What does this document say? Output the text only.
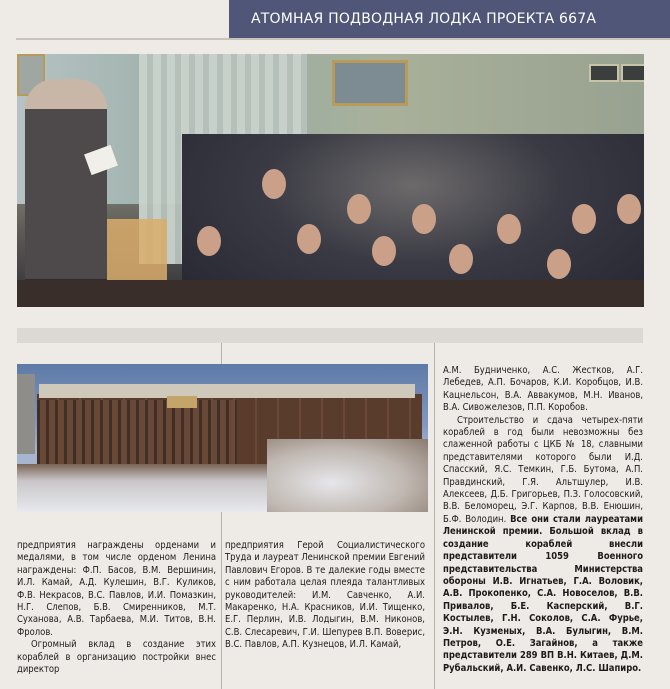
АТОМНАЯ ПОДВОДНАЯ ЛОДКА ПРОЕКТА 667А

предприятия награждены орденами и медалями, в том числе орденом Ленина награждены: Ф.П. Басов, В.М. Вершинин, И.Л. Камай, А.Д. Кулешин, В.Г. Куликов, Ф.В. Некрасов, В.С. Павлов, И.И. Помазкин, Н.Г. Слепов, Б.В. Смиренников, М.Т. Суханова, А.В. Тарбаева, М.И. Титов, В.Н. Фролов.

Огромный вклад в создание этих кораблей в организацию постройки внес директор

предприятия Герой Социалистического Труда и лауреат Ленинской премии Евгений Павлович Егоров. В те далекие годы вместе с ним работала целая плеяда талантливых руководителей: И.М. Савченко, А.И. Макаренко, Н.А. Красников, И.И. Тищенко, Е.Г. Перлин, И.В. Лодыгин, В.М. Никонов, С.В. Слесаревич, Г.И. Шепурев В.П. Воверис, В.С. Павлов, А.П. Кузнецов, И.Л. Камай,

А.М. Будниченко, А.С. Жестков, А.Г. Лебедев, А.П. Бочаров, К.И. Коробцов, И.В. Кацнельсон, В.А. Аввакумов, М.Н. Иванов, В.А. Сивожелезов, П.П. Коробов.

Строительство и сдача четырех-пяти кораблей в год были невозможны без слаженной работы с ЦКБ № 18, славными представителями которого были И.Д. Спасский, Я.С. Темкин, Г.Б. Бутома, А.П. Правдинский, Г.Я. Альтшулер, И.В. Алексеев, Д.Б. Григорьев, П.З. Голосовский, В.В. Беломорец, Э.Г. Карпов, В.В. Енюшин, Б.Ф. Володин. Все они стали лауреатами Ленинской премии. Большой вклад в создание кораблей внесли представители 1059 Военного представительства Министерства обороны И.В. Игнатьев, Г.А. Воловик, А.В. Прокопенко, С.А. Новоселов, В.В. Привалов, Б.Е. Касперский, В.Г. Костылев, Г.Н. Соколов, С.А. Фурье, Э.Н. Кузменых, В.А. Булыгин, В.М. Петров, О.Е. Загайнов, а также представители 289 ВП В.Н. Китаев, Д.М. Рубальский, А.И. Савенко, Л.С. Шапиро.
